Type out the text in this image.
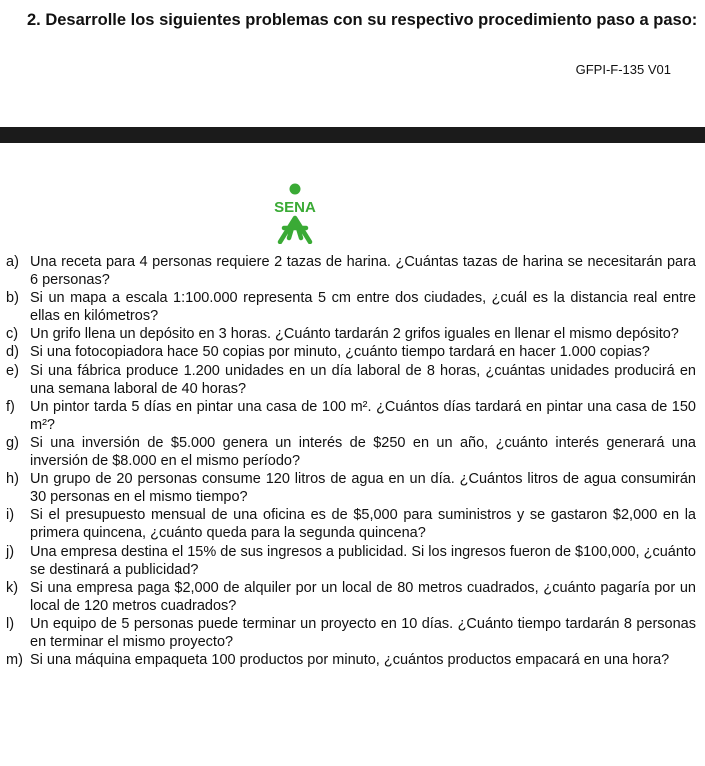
2. Desarrolle los siguientes problemas con su respectivo procedimiento paso a paso:
GFPI-F-135 V01
SENA
a) Una receta para 4 personas requiere 2 tazas de harina. ¿Cuántas tazas de harina se necesitarán para 6 personas?
b) Si un mapa a escala 1:100.000 representa 5 cm entre dos ciudades, ¿cuál es la distancia real entre ellas en kilómetros?
c) Un grifo llena un depósito en 3 horas. ¿Cuánto tardarán 2 grifos iguales en llenar el mismo depósito?
d) Si una fotocopiadora hace 50 copias por minuto, ¿cuánto tiempo tardará en hacer 1.000 copias?
e) Si una fábrica produce 1.200 unidades en un día laboral de 8 horas, ¿cuántas unidades producirá en una semana laboral de 40 horas?
f)	Un pintor tarda 5 días en pintar una casa de 100 m². ¿Cuántos días tardará en pintar una casa de 150 m²?
g) Si una inversión de $5.000 genera un interés de $250 en un año, ¿cuánto interés generará una inversión de $8.000 en el mismo período?
h) Un grupo de 20 personas consume 120 litros de agua en un día. ¿Cuántos litros de agua consumirán 30 personas en el mismo tiempo?
i)	Si el presupuesto mensual de una oficina es de $5,000 para suministros y se gastaron $2,000 en la primera quincena, ¿cuánto queda para la segunda quincena?
j)	Una empresa destina el 15% de sus ingresos a publicidad. Si los ingresos fueron de $100,000, ¿cuánto se destinará a publicidad?
k) Si una empresa paga $2,000 de alquiler por un local de 80 metros cuadrados, ¿cuánto pagaría por un local de 120 metros cuadrados?
l)	Un equipo de 5 personas puede terminar un proyecto en 10 días. ¿Cuánto tiempo tardarán 8 personas en terminar el mismo proyecto?
m) Si una máquina empaqueta 100 productos por minuto, ¿cuántos productos empacará en una hora?
